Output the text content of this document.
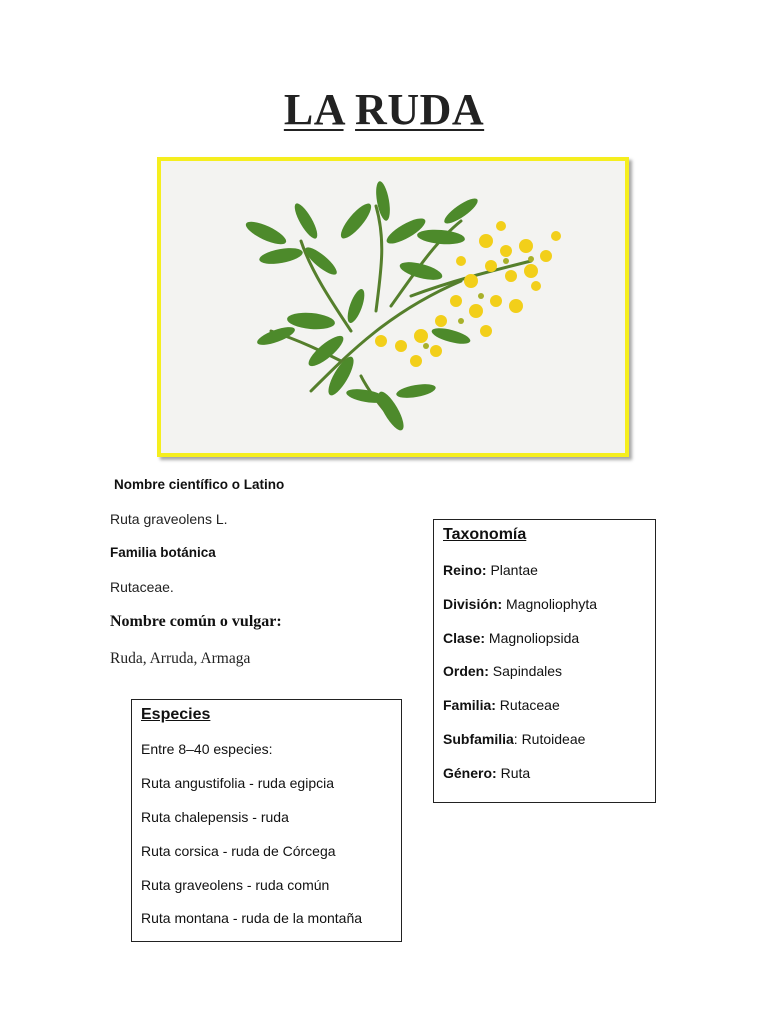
LA RUDA
Nombre científico o Latino
Ruta graveolens L.
Familia botánica
Rutaceae.
Nombre común o vulgar:
Ruda, Arruda, Armaga
Especies
Entre 8–40 especies:
Ruta angustifolia - ruda egipcia
Ruta chalepensis - ruda
Ruta corsica - ruda de Córcega
Ruta graveolens - ruda común
Ruta montana - ruda de la montaña
Taxonomía
Reino: Plantae
División: Magnoliophyta
Clase: Magnoliopsida
Orden: Sapindales
Familia: Rutaceae
Subfamilia: Rutoideae
Género: Ruta
